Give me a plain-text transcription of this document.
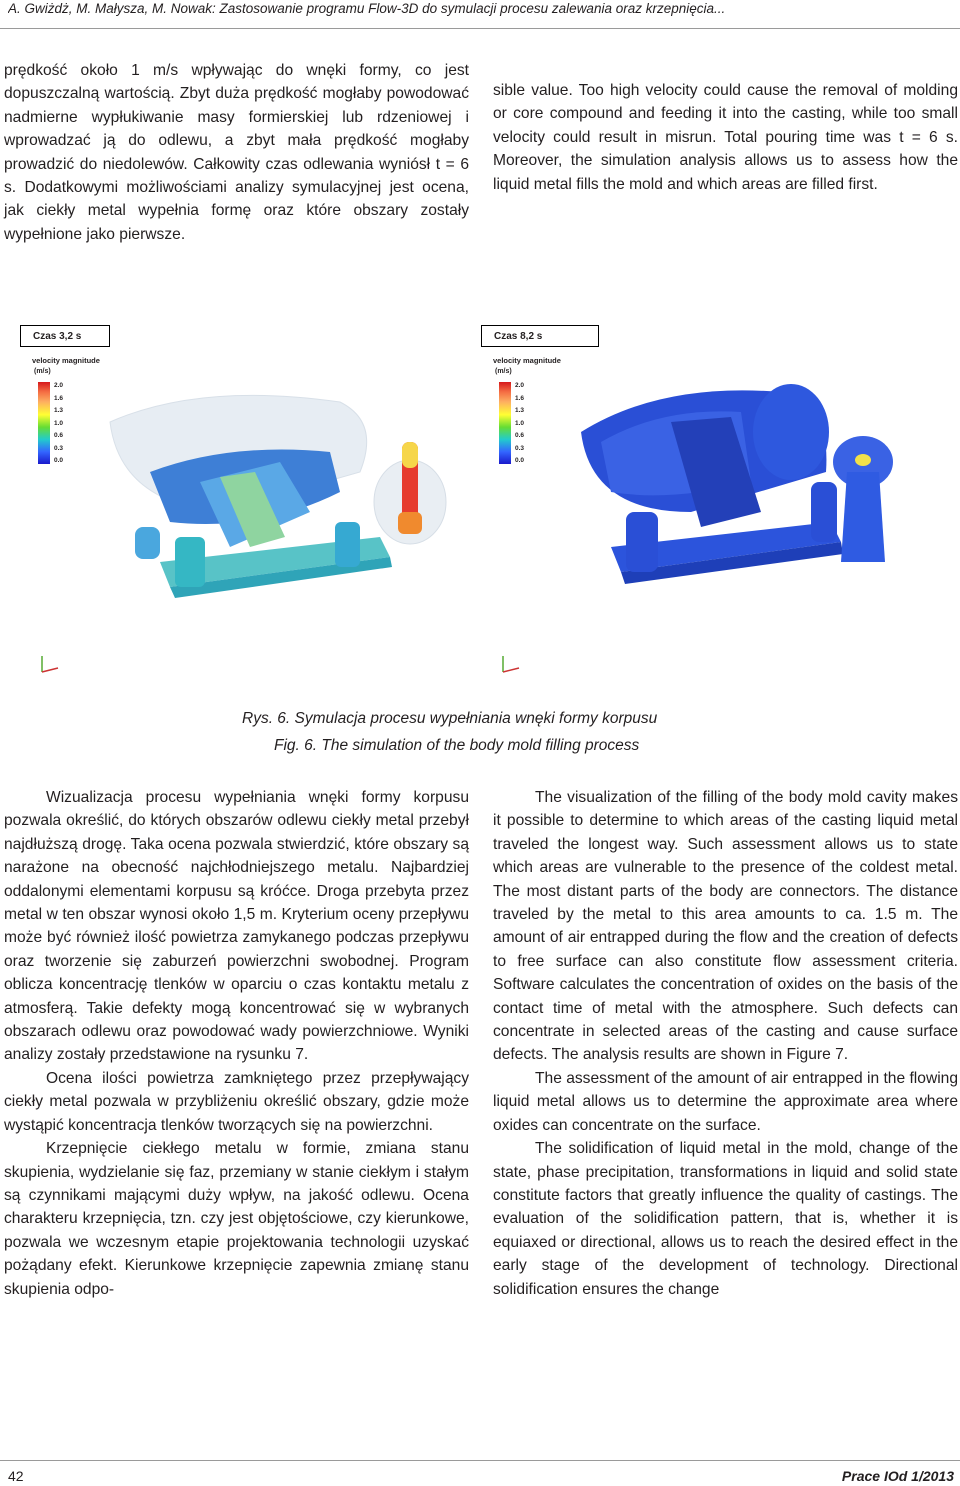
A. Gwiżdż, M. Małysza, M. Nowak: Zastosowanie programu Flow-3D do symulacji procesu zalewania oraz krzepnięcia...

prędkość około 1 m/s wpływając do wnęki formy, co jest dopuszczalną wartością. Zbyt duża prędkość mogłaby powodować nadmierne wypłukiwanie masy formierskiej lub rdzeniowej i wprowadzać ją do odlewu, a zbyt mała prędkość mogłaby prowadzić do niedolewów. Całkowity czas odlewania wyniósł t = 6 s. Dodatkowymi możliwościami analizy symulacyjnej jest ocena, jak ciekły metal wypełnia formę oraz które obszary zostały wypełnione jako pierwsze.

sible value. Too high velocity could cause the removal of molding or core compound and feeding it into the casting, while too small velocity could result in misrun. Total pouring time was t = 6 s. Moreover, the simulation analysis allows us to assess how the liquid metal fills the mold and which areas are filled first.

Czas 3,2 s
velocity magnitude
(m/s)
2.0
1.6
1.3
1.0
0.6
0.3
0.0
Czas 8,2 s
velocity magnitude
(m/s)
2.0
1.6
1.3
1.0
0.6
0.3
0.0
Rys. 6. Symulacja procesu wypełniania wnęki formy korpusu
Fig. 6. The simulation of the body mold filling process

Wizualizacja procesu wypełniania wnęki formy korpusu pozwala określić, do których obszarów odlewu ciekły metal przebył najdłuższą drogę. Taka ocena pozwala stwierdzić, które obszary są narażone na obecność najchłodniejszego metalu. Najbardziej oddalonymi elementami korpusu są króćce. Droga przebyta przez metal w ten obszar wynosi około 1,5 m. Kryterium oceny przepływu może być również ilość powietrza zamykanego podczas przepływu oraz tworzenie się zaburzeń powierzchni swobodnej. Program oblicza koncentrację tlenków w oparciu o czas kontaktu metalu z atmosferą. Takie defekty mogą koncentrować się w wybranych obszarach odlewu oraz powodować wady powierzchniowe. Wyniki analizy zostały przedstawione na rysunku 7.

Ocena ilości powietrza zamkniętego przez przepływający ciekły metal pozwala w przybliżeniu określić obszary, gdzie może wystąpić koncentracja tlenków tworzących się na powierzchni.

Krzepnięcie ciekłego metalu w formie, zmiana stanu skupienia, wydzielanie się faz, przemiany w stanie ciekłym i stałym są czynnikami mającymi duży wpływ, na jakość odlewu. Ocena charakteru krzepnięcia, tzn. czy jest objętościowe, czy kierunkowe, pozwala we wczesnym etapie projektowania technologii uzyskać pożądany efekt. Kierunkowe krzepnięcie zapewnia zmianę stanu skupienia odpo-

The visualization of the filling of the body mold cavity makes it possible to determine to which areas of the casting liquid metal traveled the longest way. Such assessment allows us to state which areas are vulnerable to the presence of the coldest metal. The most distant parts of the body are connectors. The distance traveled by the metal to this area amounts to ca. 1.5 m. The amount of air entrapped during the flow and the creation of defects to free surface can also constitute flow assessment criteria. Software calculates the concentration of oxides on the basis of the contact time of metal with the atmosphere. Such defects can concentrate in selected areas of the casting and cause surface defects. The analysis results are shown in Figure 7.

The assessment of the amount of air entrapped in the flowing liquid metal allows us to determine the approximate area where oxides can concentrate on the surface.

The solidification of liquid metal in the mold, change of the state, phase precipitation, transformations in liquid and solid state constitute factors that greatly influence the quality of castings. The evaluation of the solidification pattern, that is, whether it is equiaxed or directional, allows us to reach the desired effect in the early stage of the development of technology. Directional solidification ensures the change

42	Prace IOd 1/2013
